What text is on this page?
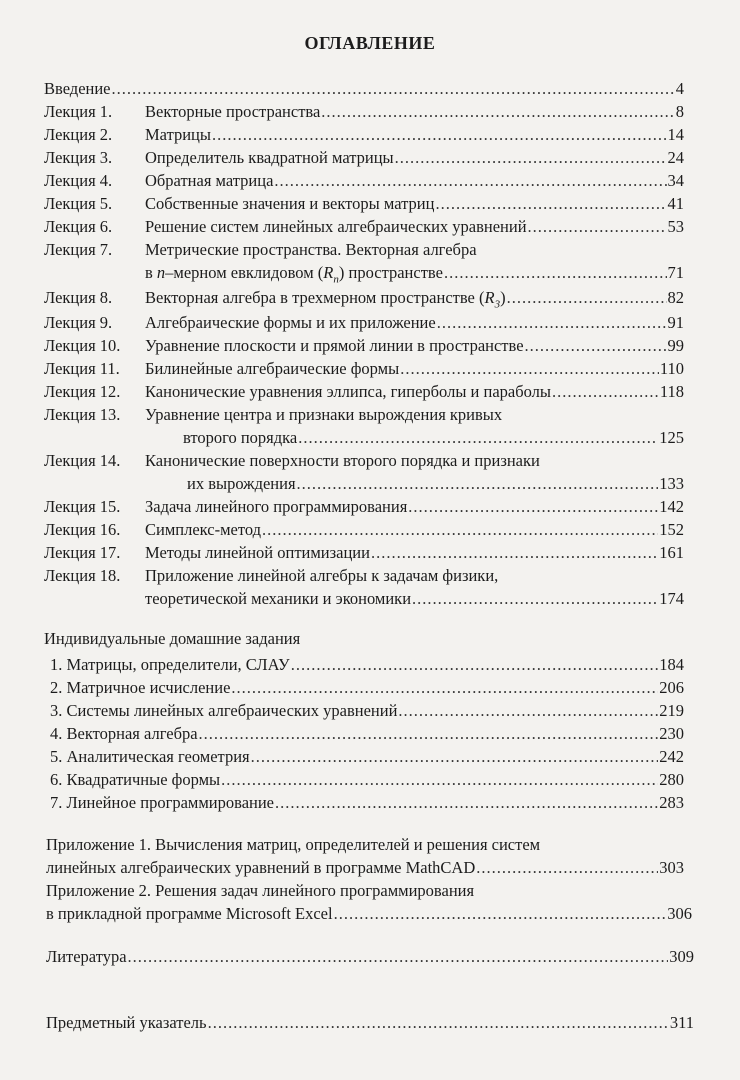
ОГЛАВЛЕНИЕ
Введение .....	4
Лекция 1.	Векторные пространства .....	8
Лекция 2.	Матрицы .....	14
Лекция 3.	Определитель квадратной матрицы .....	24
Лекция 4.	Обратная матрица .....	34
Лекция 5.	Собственные значения и векторы матриц .....	41
Лекция 6.	Решение систем линейных алгебраических уравнений .....	53
Лекция 7. Метрические пространства. Векторная алгебра
в n–мерном евклидовом $(R_n)$ пространстве .....	71
Лекция 8.	Векторная алгебра в трехмерном пространстве $(R_3)$ .....	82
Лекция 9.	Алгебраические формы и их приложение .....	91
Лекция 10.	Уравнение плоскости и прямой линии в пространстве .....	99
Лекция 11.	Билинейные алгебраические формы .....	110
Лекция 12.	Канонические уравнения эллипса, гиперболы и параболы .....	118
Лекция 13. Уравнение центра и признаки вырождения кривых
второго порядка .....	125
Лекция 14. Канонические поверхности второго порядка и признаки
их вырождения .....	133
Лекция 15.	Задача линейного программирования .....	142
Лекция 16.	Симплекс-метод .....	152
Лекция 17.	Методы линейной оптимизации .....	161
Лекция 18. Приложение линейной алгебры к задачам физики,
теоретической механики и экономики .....	174
Индивидуальные домашние задания
1. Матрицы, определители, СЛАУ .....	184
2. Матричное исчисление .....	206
3. Системы линейных алгебраических уравнений .....	219
4. Векторная алгебра .....	230
5. Аналитическая геометрия .....	242
6. Квадратичные формы .....	280
7. Линейное программирование .....	283
Приложение 1. Вычисления матриц, определителей и решения систем
линейных алгебраических уравнений в программе MathCAD .....	303
Приложение 2. Решения задач линейного программирования
в прикладной программе Microsoft Excel .....	306
Литература .....	309
Предметный указатель .....	311
